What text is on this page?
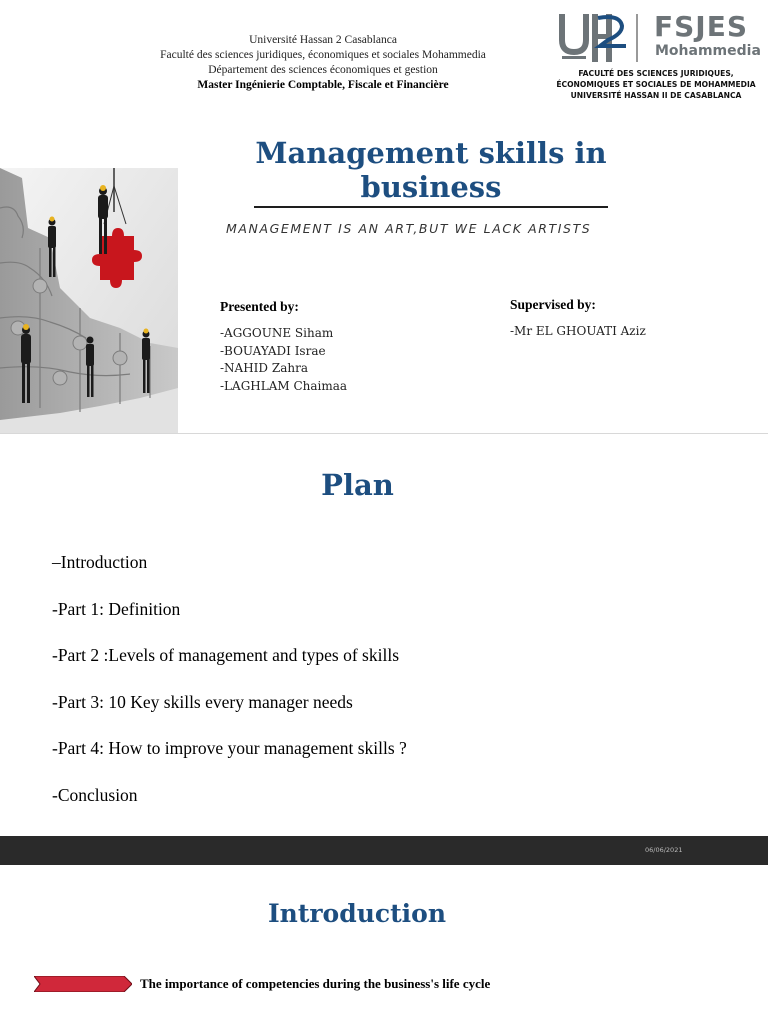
Université Hassan 2 Casablanca
Faculté des sciences juridiques, économiques et sociales Mohammedia
Département des sciences économiques et gestion
Master Ingénierie Comptable, Fiscale et Financière
FSJES
Mohammedia
FACULTÉ DES SCIENCES JURIDIQUES,
ÉCONOMIQUES ET SOCIALES DE MOHAMMEDIA
UNIVERSITÉ HASSAN II DE CASABLANCA
Management skills in business
MANAGEMENT IS AN ART,BUT WE LACK ARTISTS
Presented by:
-AGGOUNE Siham
-BOUAYADI Israe
-NAHID Zahra
-LAGHLAM Chaimaa
Supervised by:
-Mr EL GHOUATI Aziz
Plan
–Introduction
-Part 1: Definition
-Part 2 :Levels of management and types of skills
-Part 3: 10 Key skills every manager needs
-Part 4: How to improve your management skills ?
-Conclusion
06/06/2021
Introduction
The importance of competencies during the business's life cycle
